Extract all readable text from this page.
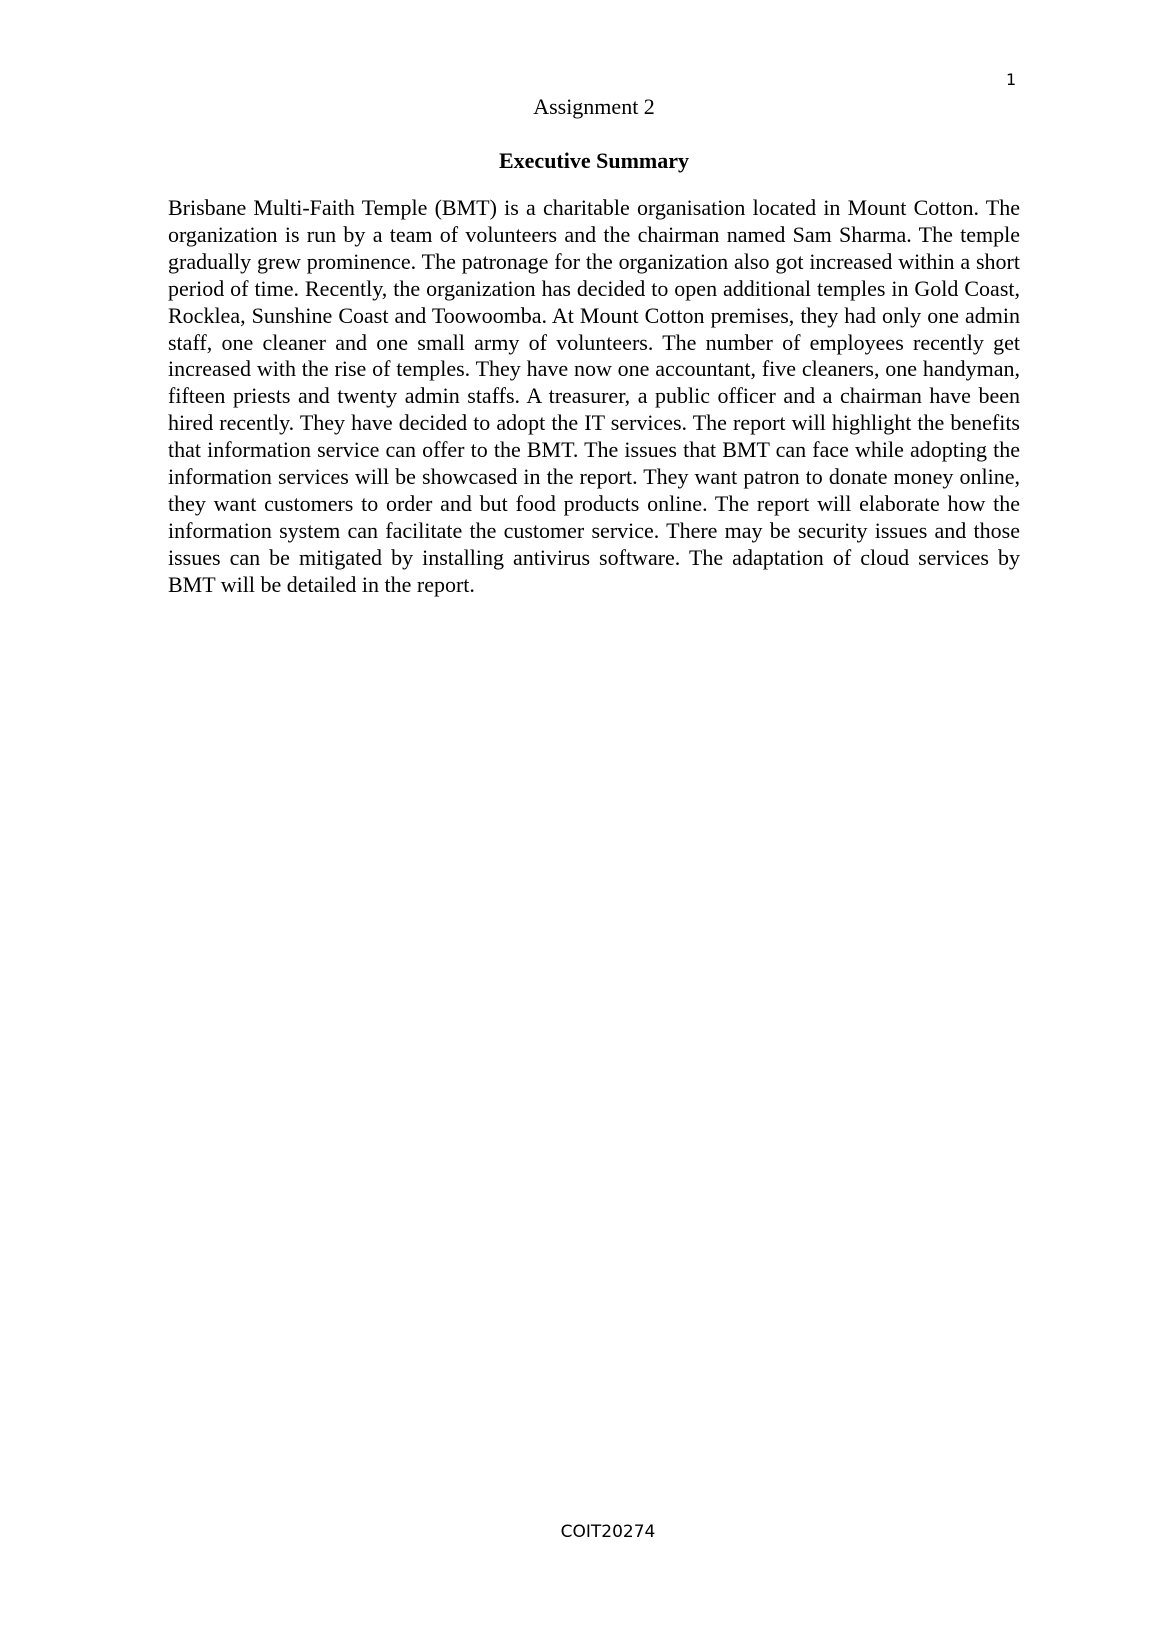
1
Assignment 2
Executive Summary

Brisbane Multi-Faith Temple (BMT) is a charitable organisation located in Mount Cotton. The organization is run by a team of volunteers and the chairman named Sam Sharma. The temple gradually grew prominence. The patronage for the organization also got increased within a short period of time. Recently, the organization has decided to open additional temples in Gold Coast, Rocklea, Sunshine Coast and Toowoomba. At Mount Cotton premises, they had only one admin staff, one cleaner and one small army of volunteers. The number of employees recently get increased with the rise of temples. They have now one accountant, five cleaners, one handyman, fifteen priests and twenty admin staffs. A treasurer, a public officer and a chairman have been hired recently. They have decided to adopt the IT services. The report will highlight the benefits that information service can offer to the BMT. The issues that BMT can face while adopting the information services will be showcased in the report. They want patron to donate money online, they want customers to order and but food products online. The report will elaborate how the information system can facilitate the customer service. There may be security issues and those issues can be mitigated by installing antivirus software. The adaptation of cloud services by BMT will be detailed in the report.

COIT20274
